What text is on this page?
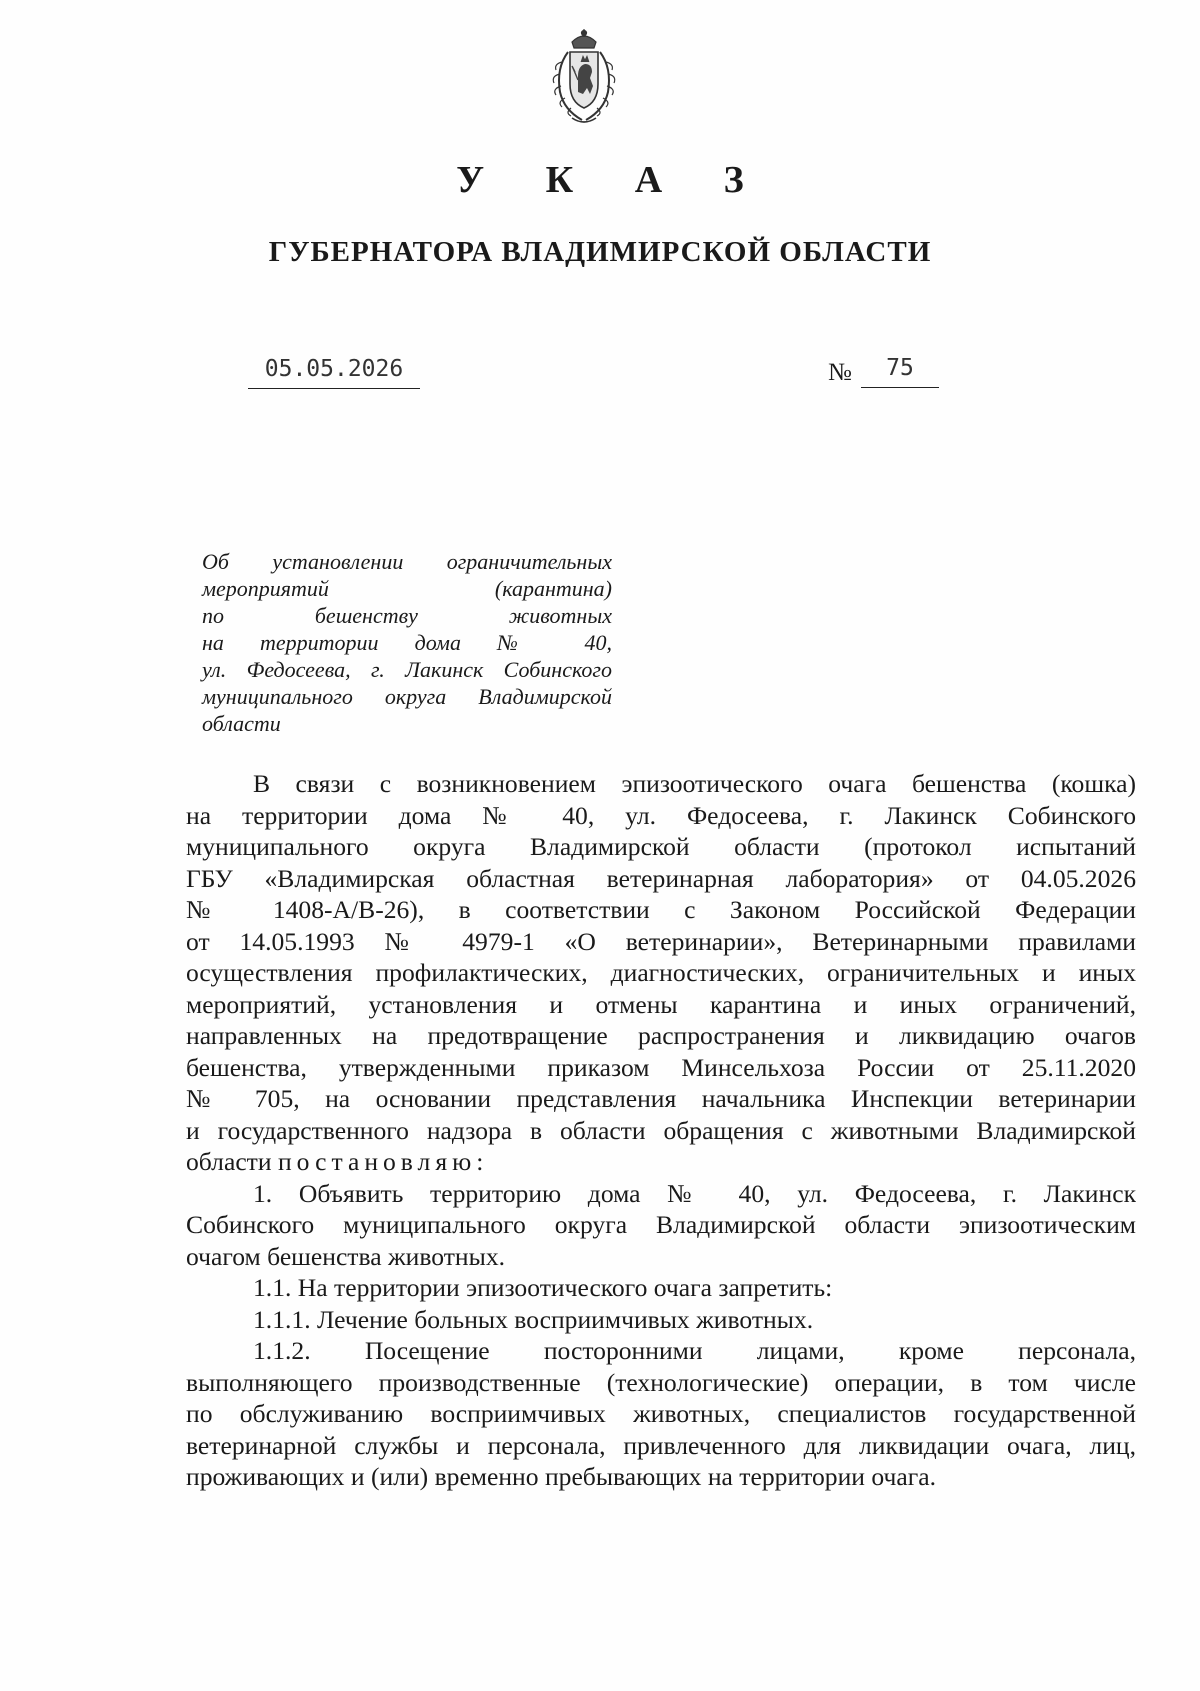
У К А З
ГУБЕРНАТОРА ВЛАДИМИРСКОЙ ОБЛАСТИ
05.05.2026	№	75
Об установлении ограничительных
мероприятий (карантина)
по бешенству животных
на территории дома № 40,
ул. Федосеева, г. Лакинск Собинского
муниципального округа Владимирской
области
В связи с возникновением эпизоотического очага бешенства (кошка)
на территории дома № 40, ул. Федосеева, г. Лакинск Собинского
муниципального округа Владимирской области (протокол испытаний
ГБУ «Владимирская областная ветеринарная лаборатория» от 04.05.2026
№ 1408-А/В-26), в соответствии с Законом Российской Федерации
от 14.05.1993 № 4979-1 «О ветеринарии», Ветеринарными правилами
осуществления профилактических, диагностических, ограничительных и иных
мероприятий, установления и отмены карантина и иных ограничений,
направленных на предотвращение распространения и ликвидацию очагов
бешенства, утвержденными приказом Минсельхоза России от 25.11.2020
№ 705, на основании представления начальника Инспекции ветеринарии
и государственного надзора в области обращения с животными Владимирской
области постановляю:
1. Объявить территорию дома № 40, ул. Федосеева, г. Лакинск
Собинского муниципального округа Владимирской области эпизоотическим
очагом бешенства животных.
1.1. На территории эпизоотического очага запретить:
1.1.1. Лечение больных восприимчивых животных.
1.1.2. Посещение посторонними лицами, кроме персонала,
выполняющего производственные (технологические) операции, в том числе
по обслуживанию восприимчивых животных, специалистов государственной
ветеринарной службы и персонала, привлеченного для ликвидации очага, лиц,
проживающих и (или) временно пребывающих на территории очага.
